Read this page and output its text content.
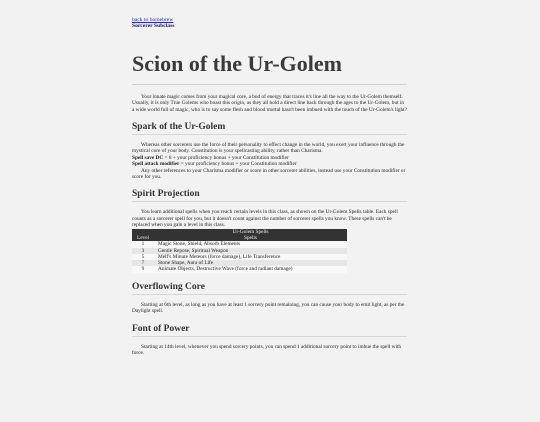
back to homebrew
Sorcerer Subclass
Scion of the Ur-Golem

Your innate magic comes from your magical core, a bud of energy that traces it's line all the way to the Ur-Golem themself. Usually, it is only True Golems who boast this origin, as they all hold a direct line back through the ages to the Ur-Golem, but in a wide world full of magic, who is to say some flesh and blood mortal hasn't been imbued with the touch of the Ur-Golem's light?

Spark of the Ur-Golem

Whereas other sorcerers use the force of their personality to effect change in the world, you exert your influence through the mystical core of your body. Constitution is your spellcasting ability, rather than Charisma.

Spell save DC = 8 + your proficiency bonus + your Constitution modifier

Spell attack modifier = your proficiency bonus + your Constitution modifier

Any other references to your Charisma modifier or score in other sorcerer abilities, instead use your Constitution modifier or score for you.

Spirit Projection

You learn additional spells when you reach certain levels in this class, as shown on the Ur-Golem Spells table. Each spell counts as a sorcerer spell for you, but it doesn't count against the number of sorcerer spells you know. These spells can't be replaced when you gain a level in this class.

	Ur-Golem Spells
Level	Spells
1	Magic Stone, Shield, Absorb Elements
3	Gentle Repose, Spiritual Weapon
5	Melf's Minute Meteors (force damage), Life Transference
7	Stone Shape, Aura of Life
9	Animate Objects, Destructive Wave (force and radiant damage)
Overflowing Core

Starting at 6th level, as long as you have at least 1 sorcery point remaining, you can cause your body to emit light, as per the Daylight spell.

Font of Power

Starting at 14th level, whenever you spend sorcery points, you can spend 1 additional sorcery point to imbue the spell with force.
